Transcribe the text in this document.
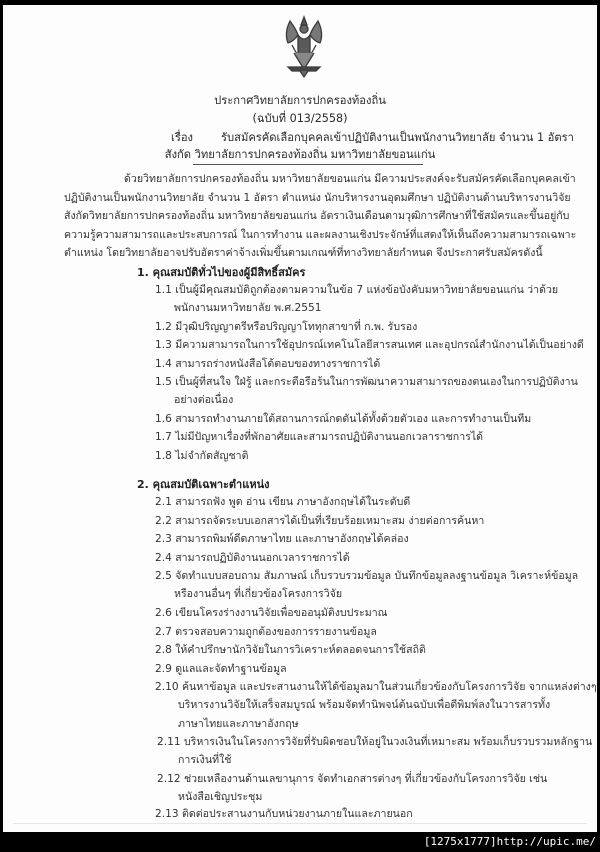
ประกาศวิทยาลัยการปกครองท้องถิ่น
(ฉบับที่ 013/2558)
เรื่อง รับสมัครคัดเลือกบุคคลเข้าปฏิบัติงานเป็นพนักงานวิทยาลัย จำนวน 1 อัตรา
สังกัด วิทยาลัยการปกครองท้องถิ่น มหาวิทยาลัยขอนแก่น
ด้วยวิทยาลัยการปกครองท้องถิ่น มหาวิทยาลัยขอนแก่น มีความประสงค์จะรับสมัครคัดเลือกบุคคลเข้า
ปฏิบัติงานเป็นพนักงานวิทยาลัย จำนวน 1 อัตรา ตำแหน่ง นักบริหารงานอุดมศึกษา ปฏิบัติงานด้านบริหารงานวิจัย
สังกัดวิทยาลัยการปกครองท้องถิ่น มหาวิทยาลัยขอนแก่น อัตราเงินเดือนตามวุฒิการศึกษาที่ใช้สมัครและขึ้นอยู่กับ
ความรู้ความสามารถและประสบการณ์ ในการทำงาน และผลงานเชิงประจักษ์ที่แสดงให้เห็นถึงความสามารถเฉพาะ
ตำแหน่ง โดยวิทยาลัยอาจปรับอัตราค่าจ้างเพิ่มขึ้นตามเกณฑ์ที่ทางวิทยาลัยกำหนด จึงประกาศรับสมัครดังนี้
1. คุณสมบัติทั่วไปของผู้มีสิทธิ์สมัคร
1.1 เป็นผู้มีคุณสมบัติถูกต้องตามความในข้อ 7 แห่งข้อบังคับมหาวิทยาลัยขอนแก่น ว่าด้วย
พนักงานมหาวิทยาลัย พ.ศ.2551
1.2 มีวุฒิปริญญาตรีหรือปริญญาโททุกสาขาที่ ก.พ. รับรอง
1.3 มีความสามารถในการใช้อุปกรณ์เทคโนโลยีสารสนเทศ และอุปกรณ์สำนักงานได้เป็นอย่างดี
1.4 สามารถร่างหนังสือโต้ตอบของทางราชการได้
1.5 เป็นผู้ที่สนใจ ใฝ่รู้ และกระตือรือร้นในการพัฒนาความสามารถของตนเองในการปฏิบัติงาน
อย่างต่อเนื่อง
1.6 สามารถทำงานภายใต้สถานการณ์กดดันได้ทั้งด้วยตัวเอง และการทำงานเป็นทีม
1.7 ไม่มีปัญหาเรื่องที่พักอาศัยและสามารถปฏิบัติงานนอกเวลาราชการได้
1.8 ไม่จำกัดสัญชาติ
2. คุณสมบัติเฉพาะตำแหน่ง
2.1 สามารถฟัง พูด อ่าน เขียน ภาษาอังกฤษได้ในระดับดี
2.2 สามารถจัดระบบเอกสารได้เป็นที่เรียบร้อยเหมาะสม ง่ายต่อการค้นหา
2.3 สามารถพิมพ์ดีดภาษาไทย และภาษาอังกฤษได้คล่อง
2.4 สามารถปฏิบัติงานนอกเวลาราชการได้
2.5 จัดทำแบบสอบถาม สัมภาษณ์ เก็บรวบรวมข้อมูล บันทึกข้อมูลลงฐานข้อมูล วิเคราะห์ข้อมูล
หรืองานอื่นๆ ที่เกี่ยวข้องโครงการวิจัย
2.6 เขียนโครงร่างงานวิจัยเพื่อขออนุมัติงบประมาณ
2.7 ตรวจสอบความถูกต้องของการรายงานข้อมูล
2.8 ให้คำปรึกษานักวิจัยในการวิเคราะห์ตลอดจนการใช้สถิติ
2.9 ดูแลและจัดทำฐานข้อมูล
2.10 ค้นหาข้อมูล และประสานงานให้ได้ข้อมูลมาในส่วนเกี่ยวข้องกับโครงการวิจัย จากแหล่งต่างๆ
บริหารงานวิจัยให้เสร็จสมบูรณ์ พร้อมจัดทำนิพจน์ต้นฉบับเพื่อตีพิมพ์ลงในวารสารทั้ง
ภาษาไทยและภาษาอังกฤษ
2.11 บริหารเงินในโครงการวิจัยที่รับผิดชอบให้อยู่ในวงเงินที่เหมาะสม พร้อมเก็บรวบรวมหลักฐาน
การเงินที่ใช้
2.12 ช่วยเหลืองานด้านเลขานุการ จัดทำเอกสารต่างๆ ที่เกี่ยวข้องกับโครงการวิจัย เช่น
หนังสือเชิญประชุม
2.13 ติดต่อประสานงานกับหน่วยงานภายในและภายนอก
[1275x1777]http://upic.me/
